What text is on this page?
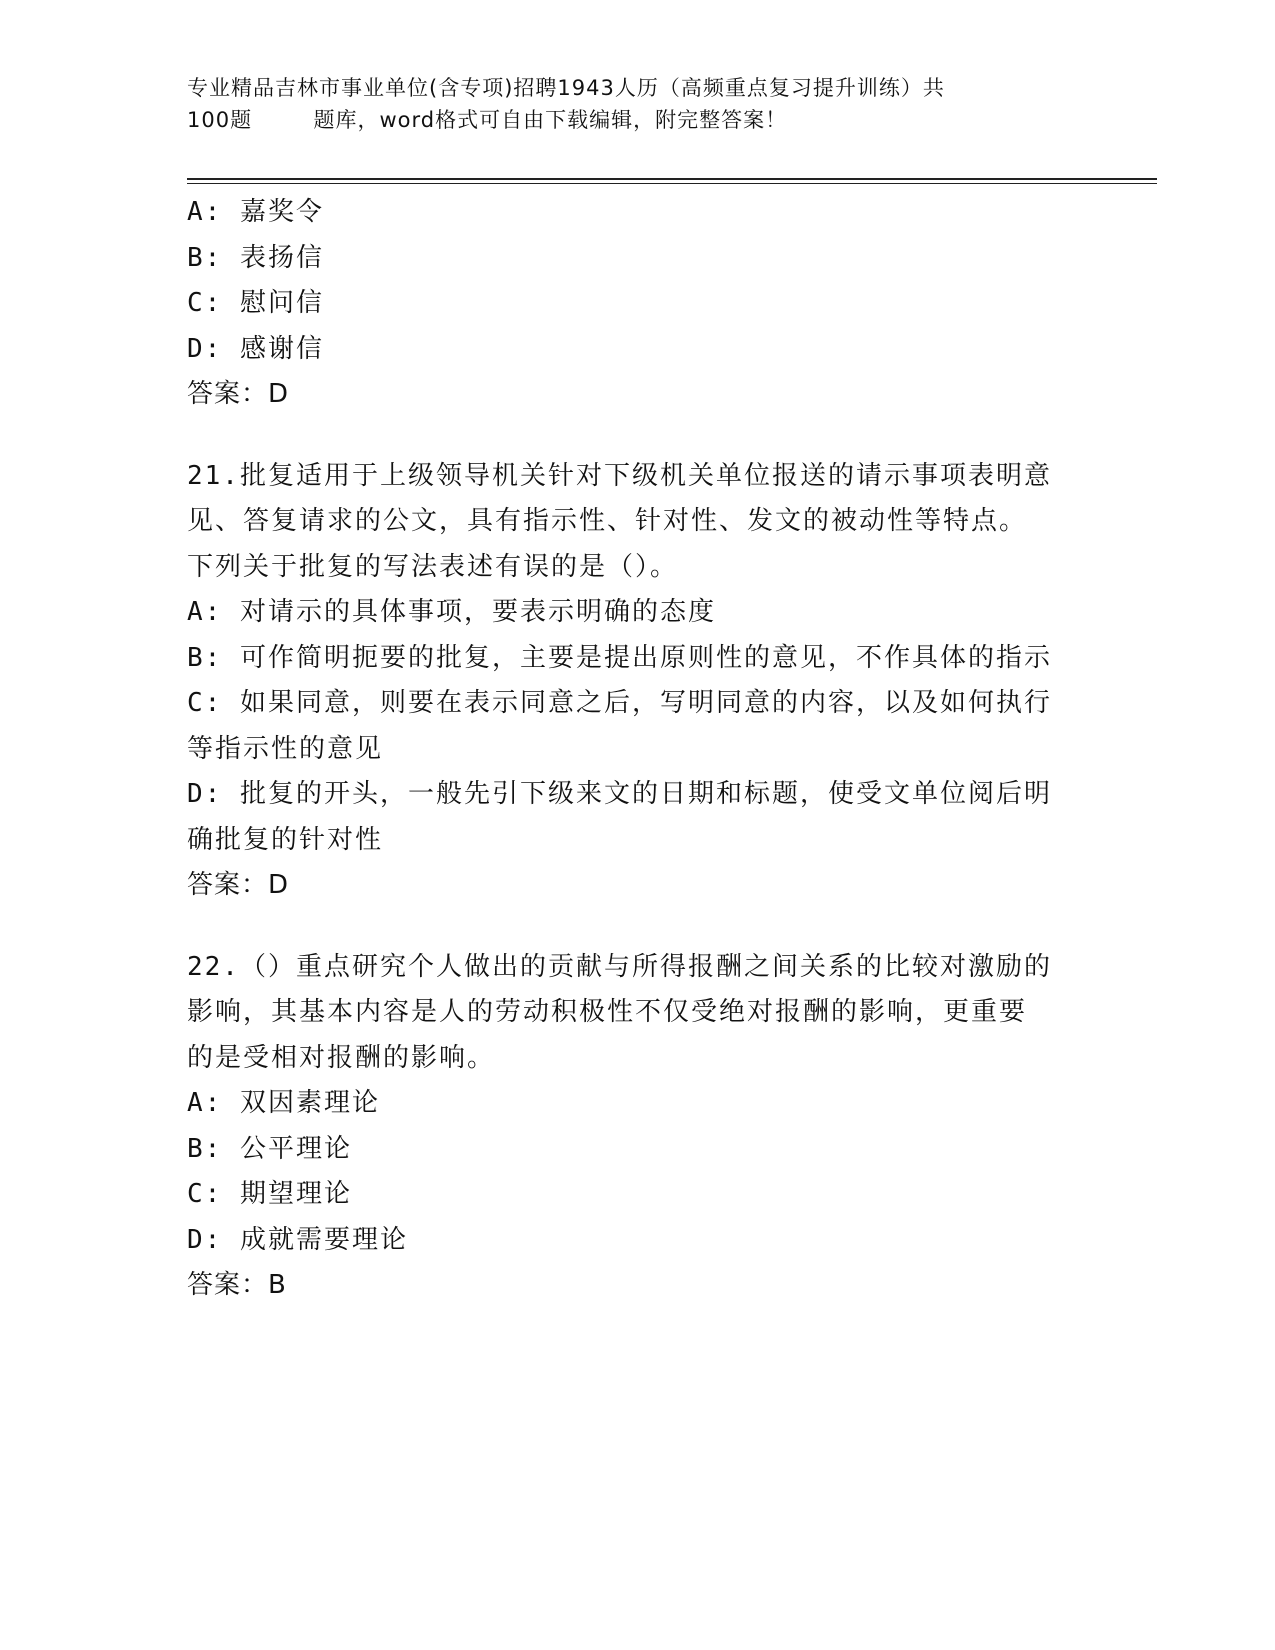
专业精品吉林市事业单位(含专项)招聘1943人历（高频重点复习提升训练）共
100题        题库，word格式可自由下载编辑，附完整答案！

A: 嘉奖令

B: 表扬信

C: 慰问信

D: 感谢信

答案：D

21.批复适用于上级领导机关针对下级机关单位报送的请示事项表明意

见、答复请求的公文，具有指示性、针对性、发文的被动性等特点。

下列关于批复的写法表述有误的是（）。

A: 对请示的具体事项，要表示明确的态度

B: 可作简明扼要的批复，主要是提出原则性的意见，不作具体的指示

C: 如果同意，则要在表示同意之后，写明同意的内容，以及如何执行

等指示性的意见

D: 批复的开头，一般先引下级来文的日期和标题，使受文单位阅后明

确批复的针对性

答案：D

22.（）重点研究个人做出的贡献与所得报酬之间关系的比较对激励的

影响，其基本内容是人的劳动积极性不仅受绝对报酬的影响，更重要

的是受相对报酬的影响。

A: 双因素理论

B: 公平理论

C: 期望理论

D: 成就需要理论

答案：B
